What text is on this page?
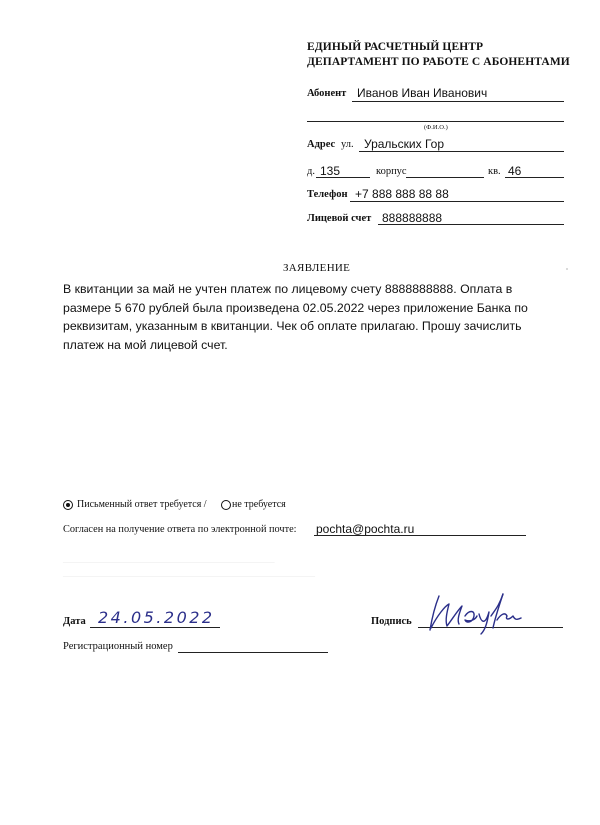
ЕДИНЫЙ РАСЧЕТНЫЙ ЦЕНТР
ДЕПАРТАМЕНТ ПО РАБОТЕ С АБОНЕНТАМИ
Абонент Иванов Иван Иванович
(Ф.И.О.)
Адрес ул. Уральских Гор
д. 135	корпус	кв. 46
Телефон +7 888 888 88 88
Лицевой счет 888888888
ЗАЯВЛЕНИЕ
В квитанции за май не учтен платеж по лицевому счету 8888888888. Оплата в размере 5 670 рублей была произведена 02.05.2022 через приложение Банка по реквизитам, указанным в квитанции. Чек об оплате прилагаю. Прошу зачислить платеж на мой лицевой счет.
Письменный ответ требуется /	не требуется
Согласен на получение ответа по электронной почте: pochta@pochta.ru
_______________________________________________
________________________________________________________
Дата 24.05.2022	Подпись
Регистрационный номер
